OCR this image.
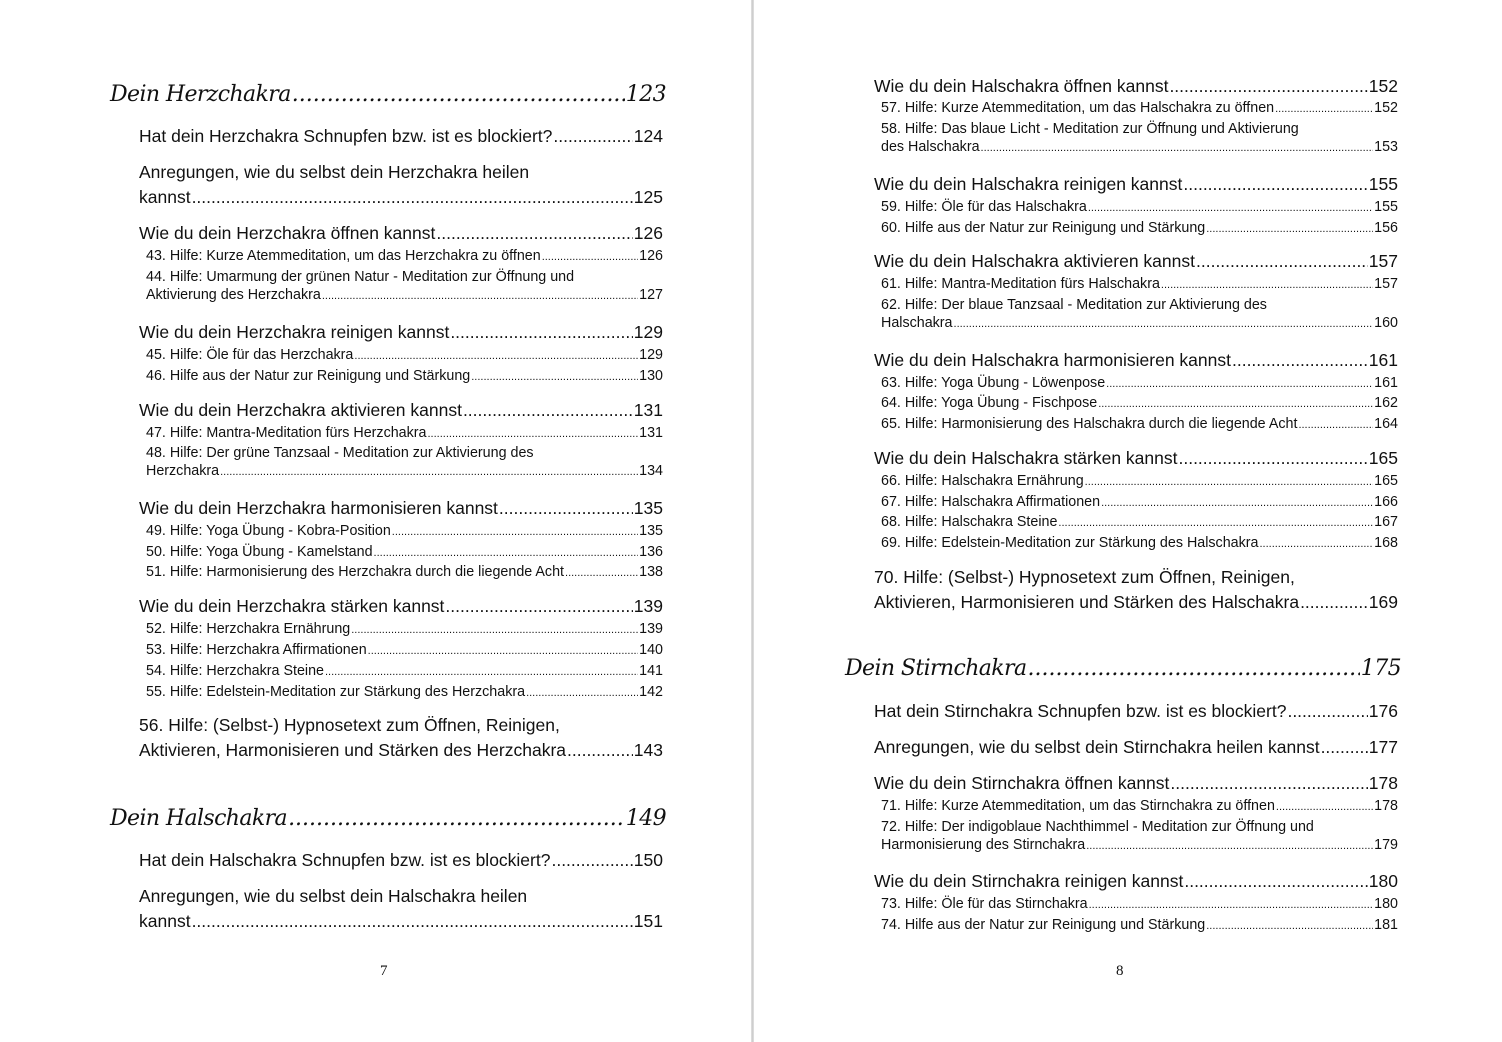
Dein Herzchakra .....	123
Hat dein Herzchakra Schnupfen bzw. ist es blockiert? .....	124
Anregungen, wie du selbst dein Herzchakra heilen
kannst .....	125
Wie du dein Herzchakra öffnen kannst .....	126
43. Hilfe: Kurze Atemmeditation, um das Herzchakra zu öffnen .....	126
44. Hilfe: Umarmung der grünen Natur - Meditation zur Öffnung und
Aktivierung des Herzchakra .....	127
Wie du dein Herzchakra reinigen kannst .....	129
45. Hilfe: Öle für das Herzchakra .....	129
46. Hilfe aus der Natur zur Reinigung und Stärkung .....	130
Wie du dein Herzchakra aktivieren kannst .....	131
47. Hilfe: Mantra-Meditation fürs Herzchakra .....	131
48. Hilfe: Der grüne Tanzsaal - Meditation zur Aktivierung des
Herzchakra .....	134
Wie du dein Herzchakra harmonisieren kannst .....	135
49. Hilfe: Yoga Übung - Kobra-Position .....	135
50. Hilfe: Yoga Übung - Kamelstand .....	136
51. Hilfe: Harmonisierung des Herzchakra durch die liegende Acht .....	138
Wie du dein Herzchakra stärken kannst .....	139
52. Hilfe: Herzchakra Ernährung .....	139
53. Hilfe: Herzchakra Affirmationen .....	140
54. Hilfe: Herzchakra Steine .....	141
55. Hilfe: Edelstein-Meditation zur Stärkung des Herzchakra .....	142
56. Hilfe: (Selbst-) Hypnosetext zum Öffnen, Reinigen,
Aktivieren, Harmonisieren und Stärken des Herzchakra .....	143
Dein Halschakra .....	149
Hat dein Halschakra Schnupfen bzw. ist es blockiert? .....	150
Anregungen, wie du selbst dein Halschakra heilen
kannst .....	151
7
Wie du dein Halschakra öffnen kannst .....	152
57. Hilfe: Kurze Atemmeditation, um das Halschakra zu öffnen .....	152
58. Hilfe: Das blaue Licht - Meditation zur Öffnung und Aktivierung
des Halschakra .....	153
Wie du dein Halschakra reinigen kannst .....	155
59. Hilfe: Öle für das Halschakra .....	155
60. Hilfe aus der Natur zur Reinigung und Stärkung .....	156
Wie du dein Halschakra aktivieren kannst .....	157
61. Hilfe: Mantra-Meditation fürs Halschakra .....	157
62. Hilfe: Der blaue Tanzsaal - Meditation zur Aktivierung des
Halschakra .....	160
Wie du dein Halschakra harmonisieren kannst .....	161
63. Hilfe: Yoga Übung - Löwenpose .....	161
64. Hilfe: Yoga Übung - Fischpose .....	162
65. Hilfe: Harmonisierung des Halschakra durch die liegende Acht .....	164
Wie du dein Halschakra stärken kannst .....	165
66. Hilfe: Halschakra Ernährung .....	165
67. Hilfe: Halschakra Affirmationen .....	166
68. Hilfe: Halschakra Steine .....	167
69. Hilfe: Edelstein-Meditation zur Stärkung des Halschakra .....	168
70. Hilfe: (Selbst-) Hypnosetext zum Öffnen, Reinigen,
Aktivieren, Harmonisieren und Stärken des Halschakra .....	169
Dein Stirnchakra .....	175
Hat dein Stirnchakra Schnupfen bzw. ist es blockiert? .....	176
Anregungen, wie du selbst dein Stirnchakra heilen kannst .....	177
Wie du dein Stirnchakra öffnen kannst .....	178
71. Hilfe: Kurze Atemmeditation, um das Stirnchakra zu öffnen .....	178
72. Hilfe: Der indigoblaue Nachthimmel - Meditation zur Öffnung und
Harmonisierung des Stirnchakra .....	179
Wie du dein Stirnchakra reinigen kannst .....	180
73. Hilfe: Öle für das Stirnchakra .....	180
74. Hilfe aus der Natur zur Reinigung und Stärkung .....	181
8
